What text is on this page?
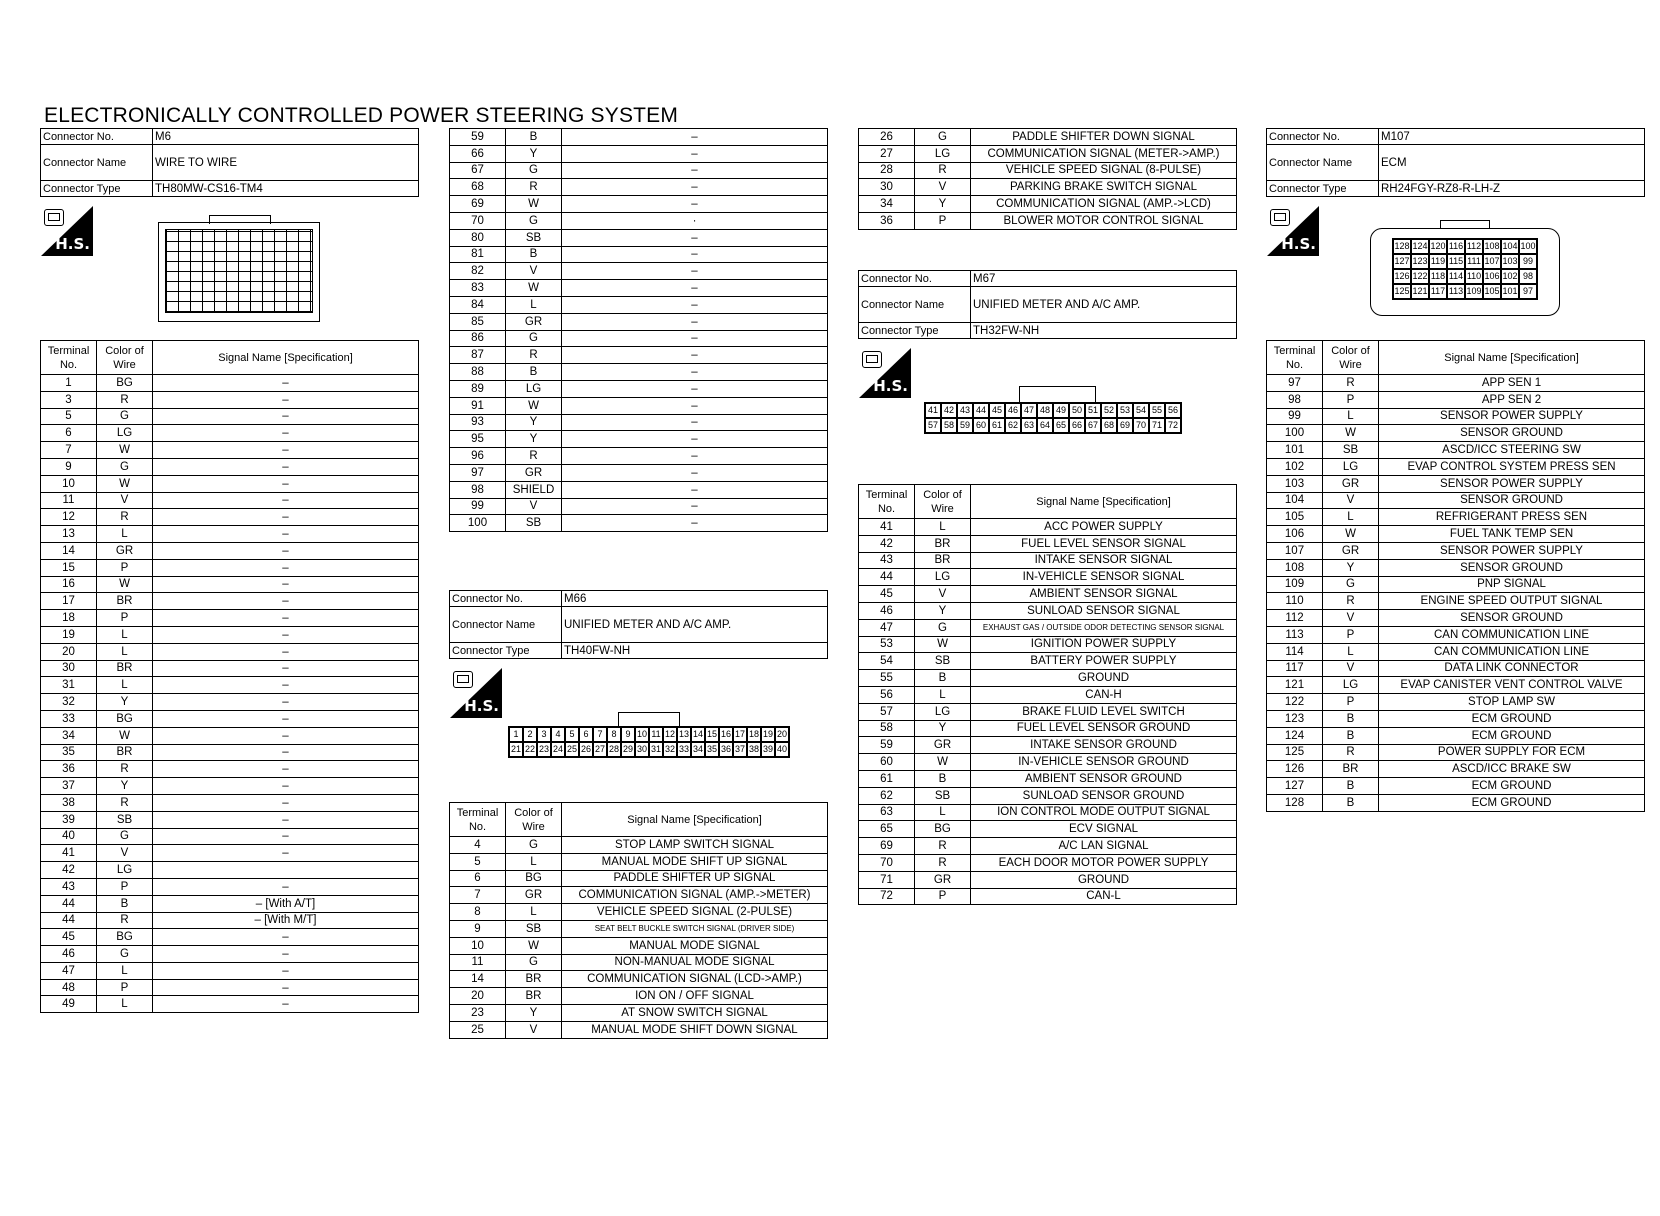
ELECTRONICALLY CONTROLLED POWER STEERING SYSTEM
Connector No.	M6
Connector Name	WIRE TO WIRE
Connector Type	TH80MW-CS16-TM4
H.S.
Terminal No.	Color of Wire	Signal Name [Specification]
1	BG	–
3	R	–
5	G	–
6	LG	–
7	W	–
9	G	–
10	W	–
11	V	–
12	R	–
13	L	–
14	GR	–
15	P	–
16	W	–
17	BR	–
18	P	–
19	L	–
20	L	–
30	BR	–
31	L	–
32	Y	–
33	BG	–
34	W	–
35	BR	–
36	R	–
37	Y	–
38	R	–
39	SB	–
40	G	–
41	V	–
42	LG	
43	P	–
44	B	– [With A/T]
44	R	– [With M/T]
45	BG	–
46	G	–
47	L	–
48	P	–
49	L	–
59	B	–
66	Y	–
67	G	–
68	R	–
69	W	–
70	G	·
80	SB	–
81	B	–
82	V	–
83	W	–
84	L	–
85	GR	–
86	G	–
87	R	–
88	B	–
89	LG	–
91	W	–
93	Y	–
95	Y	–
96	R	–
97	GR	–
98	SHIELD	–
99	V	–
100	SB	–
Connector No.	M66
Connector Name	UNIFIED METER AND A/C AMP.
Connector Type	TH40FW-NH
H.S.
1 2 3 4 5 6 7 8 9 10 11 12 13 14 15 16 17 18 19 20
21 22 23 24 25 26 27 28 29 30 31 32 33 34 35 36 37 38 39 40
Terminal No.	Color of Wire	Signal Name [Specification]
4	G	STOP LAMP SWITCH SIGNAL
5	L	MANUAL MODE SHIFT UP SIGNAL
6	BG	PADDLE SHIFTER UP SIGNAL
7	GR	COMMUNICATION SIGNAL (AMP.->METER)
8	L	VEHICLE SPEED SIGNAL (2-PULSE)
9	SB	SEAT BELT BUCKLE SWITCH SIGNAL (DRIVER SIDE)
10	W	MANUAL MODE SIGNAL
11	G	NON-MANUAL MODE SIGNAL
14	BR	COMMUNICATION SIGNAL (LCD->AMP.)
20	BR	ION ON / OFF SIGNAL
23	Y	AT SNOW SWITCH SIGNAL
25	V	MANUAL MODE SHIFT DOWN SIGNAL
26	G	PADDLE SHIFTER DOWN SIGNAL
27	LG	COMMUNICATION SIGNAL (METER->AMP.)
28	R	VEHICLE SPEED SIGNAL (8-PULSE)
30	V	PARKING BRAKE SWITCH SIGNAL
34	Y	COMMUNICATION SIGNAL (AMP.->LCD)
36	P	BLOWER MOTOR CONTROL SIGNAL
Connector No.	M67
Connector Name	UNIFIED METER AND A/C AMP.
Connector Type	TH32FW-NH
H.S.
41 42 43 44 45 46 47 48 49 50 51 52 53 54 55 56
57 58 59 60 61 62 63 64 65 66 67 68 69 70 71 72
Terminal No.	Color of Wire	Signal Name [Specification]
41	L	ACC POWER SUPPLY
42	BR	FUEL LEVEL SENSOR SIGNAL
43	BR	INTAKE SENSOR SIGNAL
44	LG	IN-VEHICLE SENSOR SIGNAL
45	V	AMBIENT SENSOR SIGNAL
46	Y	SUNLOAD SENSOR SIGNAL
47	G	EXHAUST GAS / OUTSIDE ODOR DETECTING SENSOR SIGNAL
53	W	IGNITION POWER SUPPLY
54	SB	BATTERY POWER SUPPLY
55	B	GROUND
56	L	CAN-H
57	LG	BRAKE FLUID LEVEL SWITCH
58	Y	FUEL LEVEL SENSOR GROUND
59	GR	INTAKE SENSOR GROUND
60	W	IN-VEHICLE SENSOR GROUND
61	B	AMBIENT SENSOR GROUND
62	SB	SUNLOAD SENSOR GROUND
63	L	ION CONTROL MODE OUTPUT SIGNAL
65	BG	ECV SIGNAL
69	R	A/C LAN SIGNAL
70	R	EACH DOOR MOTOR POWER SUPPLY
71	GR	GROUND
72	P	CAN-L
Connector No.	M107
Connector Name	ECM
Connector Type	RH24FGY-RZ8-R-LH-Z
H.S.	128 124 120 116 112 108 104 100
127 123 119 115 111 107 103 99
126 122 118 114 110 106 102 98
125 121 117 113 109 105 101 97
Terminal No.	Color of Wire	Signal Name [Specification]
97	R	APP SEN 1
98	P	APP SEN 2
99	L	SENSOR POWER SUPPLY
100	W	SENSOR GROUND
101	SB	ASCD/ICC STEERING SW
102	LG	EVAP CONTROL SYSTEM PRESS SEN
103	GR	SENSOR POWER SUPPLY
104	V	SENSOR GROUND
105	L	REFRIGERANT PRESS SEN
106	W	FUEL TANK TEMP SEN
107	GR	SENSOR POWER SUPPLY
108	Y	SENSOR GROUND
109	G	PNP SIGNAL
110	R	ENGINE SPEED OUTPUT SIGNAL
112	V	SENSOR GROUND
113	P	CAN COMMUNICATION LINE
114	L	CAN COMMUNICATION LINE
117	V	DATA LINK CONNECTOR
121	LG	EVAP CANISTER VENT CONTROL VALVE
122	P	STOP LAMP SW
123	B	ECM GROUND
124	B	ECM GROUND
125	R	POWER SUPPLY FOR ECM
126	BR	ASCD/ICC BRAKE SW
127	B	ECM GROUND
128	B	ECM GROUND
